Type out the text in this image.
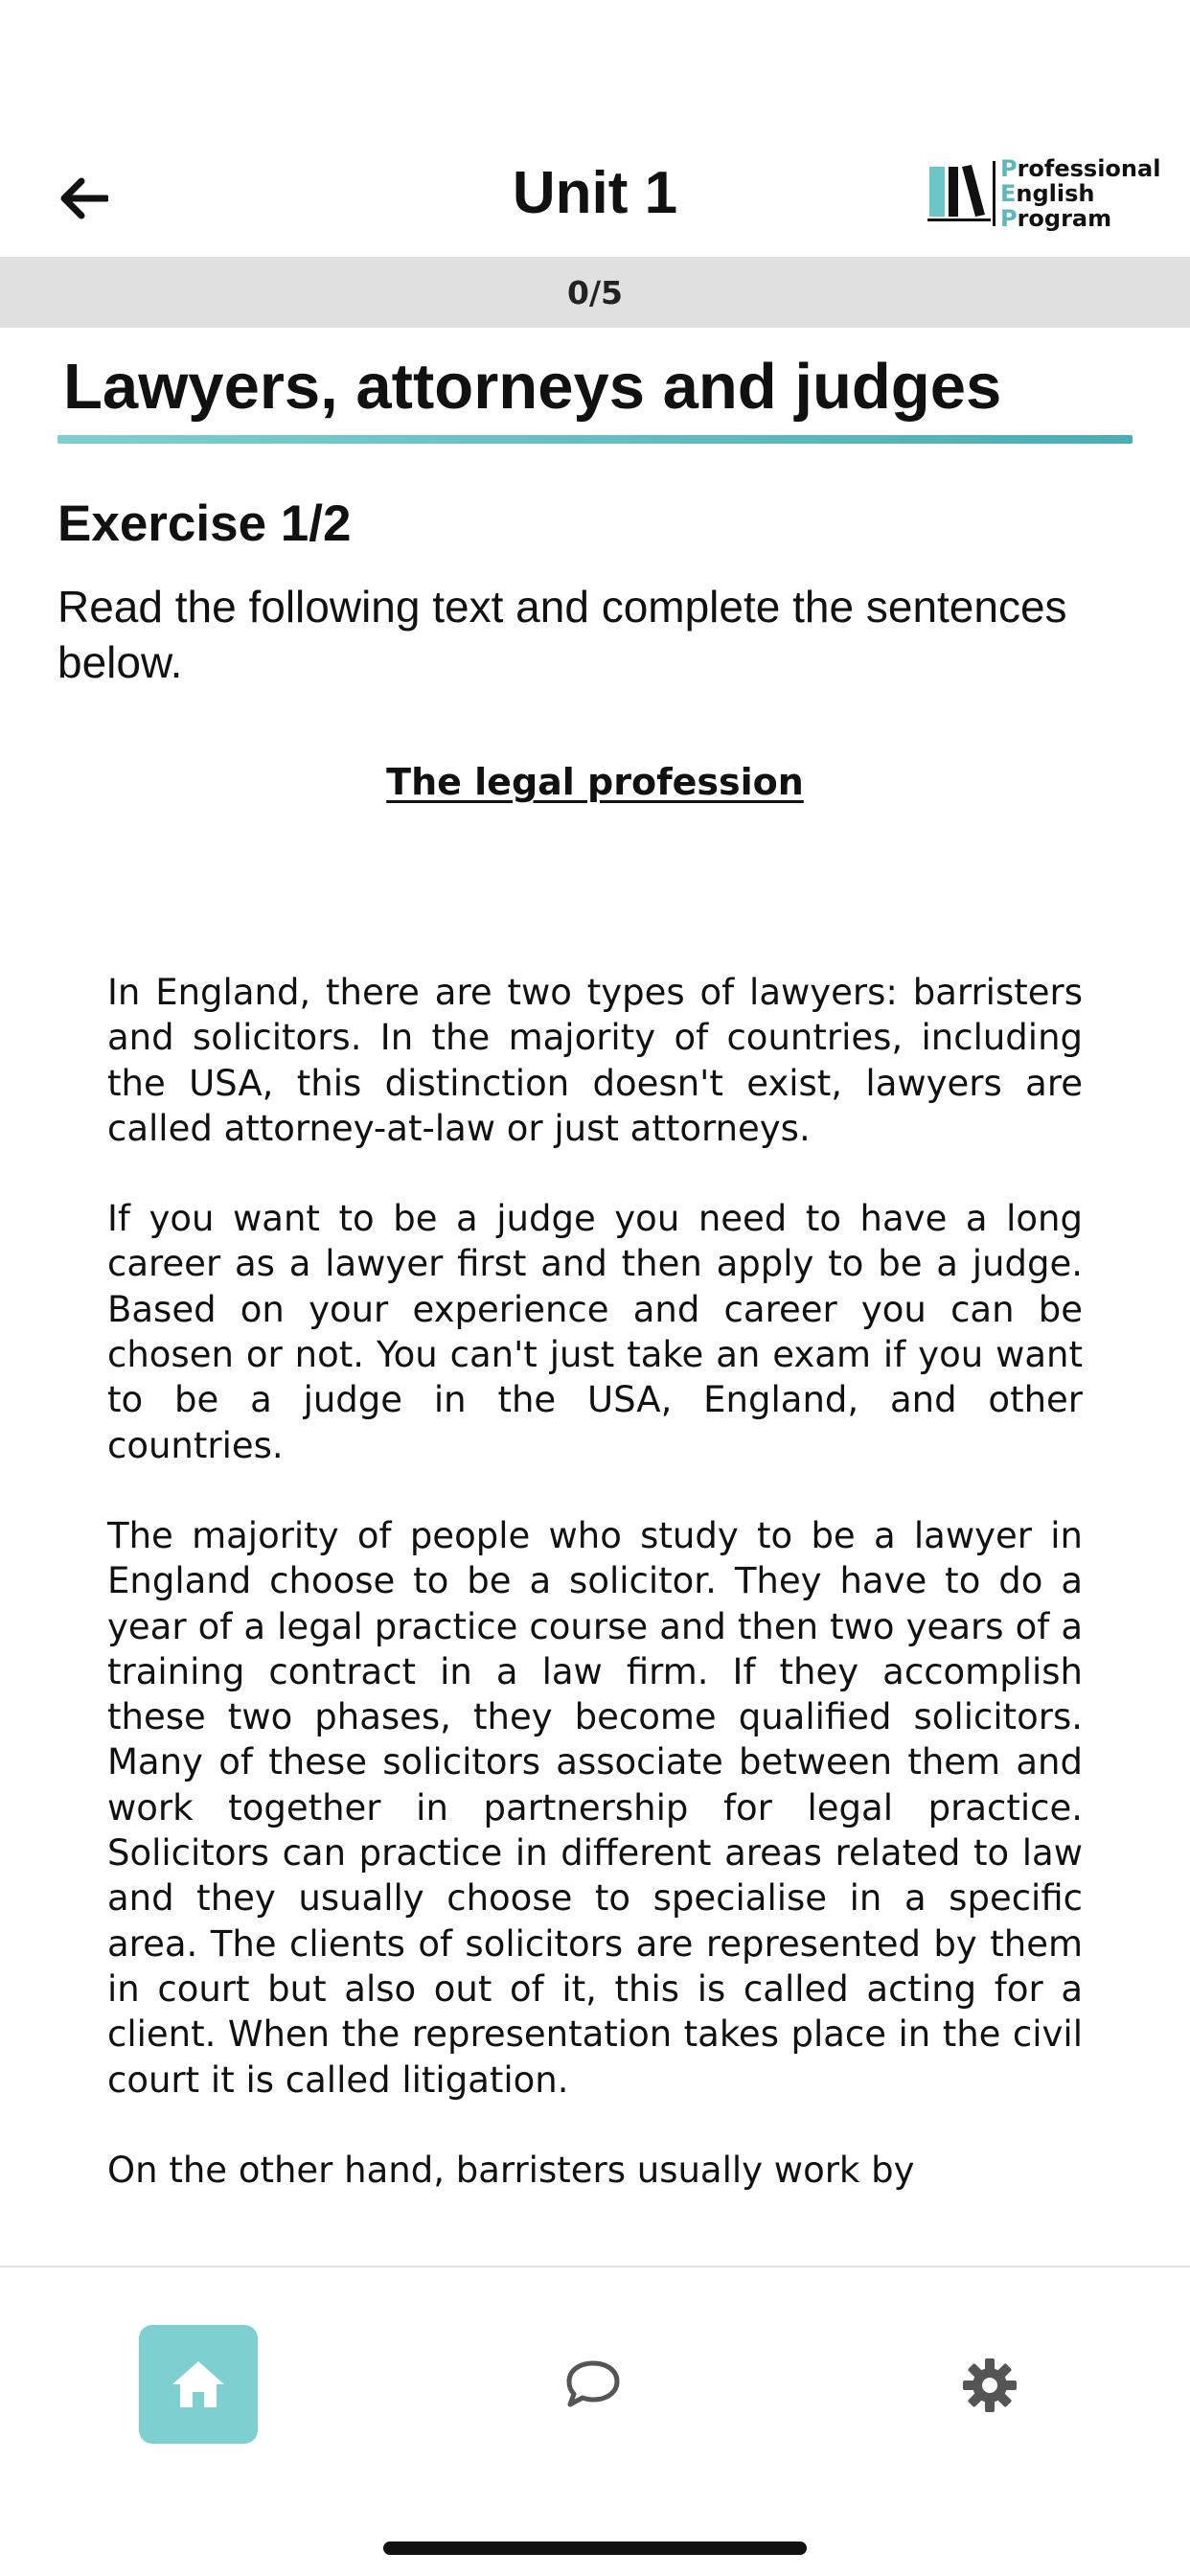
Unit 1	Professional
English
Program
0/5
Lawyers, attorneys and judges
Exercise 1/2
Read the following text and complete the sentences below.
The legal profession

In England, there are two types of lawyers: barristers and solicitors. In the majority of countries, including the USA, this distinction doesn't exist, lawyers are called attorney-at-law or just attorneys.

If you want to be a judge you need to have a long career as a lawyer first and then apply to be a judge. Based on your experience and career you can be chosen or not. You can't just take an exam if you want to be a judge in the USA, England, and other countries.

The majority of people who study to be a lawyer in England choose to be a solicitor. They have to do a year of a legal practice course and then two years of a training contract in a law firm. If they accomplish these two phases, they become qualified solicitors. Many of these solicitors associate between them and work together in partnership for legal practice. Solicitors can practice in different areas related to law and they usually choose to specialise in a specific area. The clients of solicitors are represented by them in court but also out of it, this is called acting for a client. When the representation takes place in the civil court it is called litigation.

On the other hand, barristers usually work by
